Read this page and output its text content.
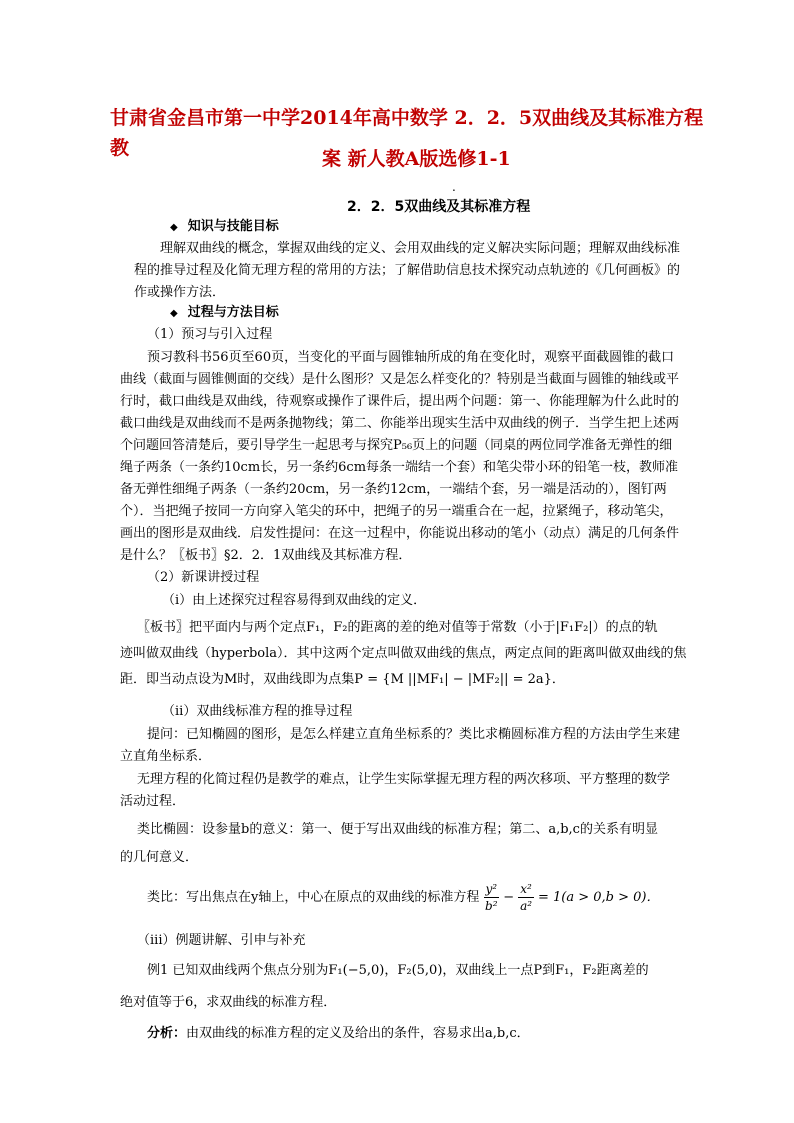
甘肃省金昌市第一中学2014年高中数学 2．2．5双曲线及其标准方程教	案 新人教A版选修1-1
.
2．2．5双曲线及其标准方程
◆ 知识与技能目标
理解双曲线的概念，掌握双曲线的定义、会用双曲线的定义解决实际问题；理解双曲线标准
程的推导过程及化简无理方程的常用的方法；了解借助信息技术探究动点轨迹的《几何画板》的
作或操作方法．
◆ 过程与方法目标
（1）预习与引入过程
预习教科书56页至60页，当变化的平面与圆锥轴所成的角在变化时，观察平面截圆锥的截口
曲线（截面与圆锥侧面的交线）是什么图形？又是怎么样变化的？特别是当截面与圆锥的轴线或平
行时，截口曲线是双曲线，待观察或操作了课件后，提出两个问题：第一、你能理解为什么此时的
截口曲线是双曲线而不是两条抛物线；第二、你能举出现实生活中双曲线的例子．当学生把上述两
个问题回答清楚后，要引导学生一起思考与探究P₅₆页上的问题（同桌的两位同学准备无弹性的细
绳子两条（一条约10cm长，另一条约6cm每条一端结一个套）和笔尖带小环的铅笔一枝，教师准
备无弹性细绳子两条（一条约20cm，另一条约12cm，一端结个套，另一端是活动的），图钉两
个）．当把绳子按同一方向穿入笔尖的环中，把绳子的另一端重合在一起，拉紧绳子，移动笔尖，
画出的图形是双曲线．启发性提问：在这一过程中，你能说出移动的笔小（动点）满足的几何条件
是什么？〖板书〗§2．2．1双曲线及其标准方程．
（2）新课讲授过程
（i）由上述探究过程容易得到双曲线的定义．
〖板书〗把平面内与两个定点F₁，F₂的距离的差的绝对值等于常数（小于|F₁F₂|）的点的轨
迹叫做双曲线（hyperbola）．其中这两个定点叫做双曲线的焦点，两定点间的距离叫做双曲线的焦
距．即当动点设为M时，双曲线即为点集P = {M ||MF₁| − |MF₂|| = 2a}．
（ii）双曲线标准方程的推导过程
提问：已知椭圆的图形，是怎么样建立直角坐标系的？类比求椭圆标准方程的方法由学生来建
立直角坐标系．
无理方程的化简过程仍是教学的难点，让学生实际掌握无理方程的两次移项、平方整理的数学
活动过程．
类比椭圆：设参量b的意义：第一、便于写出双曲线的标准方程；第二、a,b,c的关系有明显
的几何意义．
类比：写出焦点在y轴上，中心在原点的双曲线的标准方程 $\frac{\text{y²}}{\text{b²}} - \frac{\text{x²}}{\text{a²}} = 1(a > 0,b > 0)$．
（iii）例题讲解、引申与补充
例1 已知双曲线两个焦点分别为F₁(−5,0)，F₂(5,0)，双曲线上一点P到F₁，F₂距离差的
绝对值等于6，求双曲线的标准方程．
分析：由双曲线的标准方程的定义及给出的条件，容易求出a,b,c．
